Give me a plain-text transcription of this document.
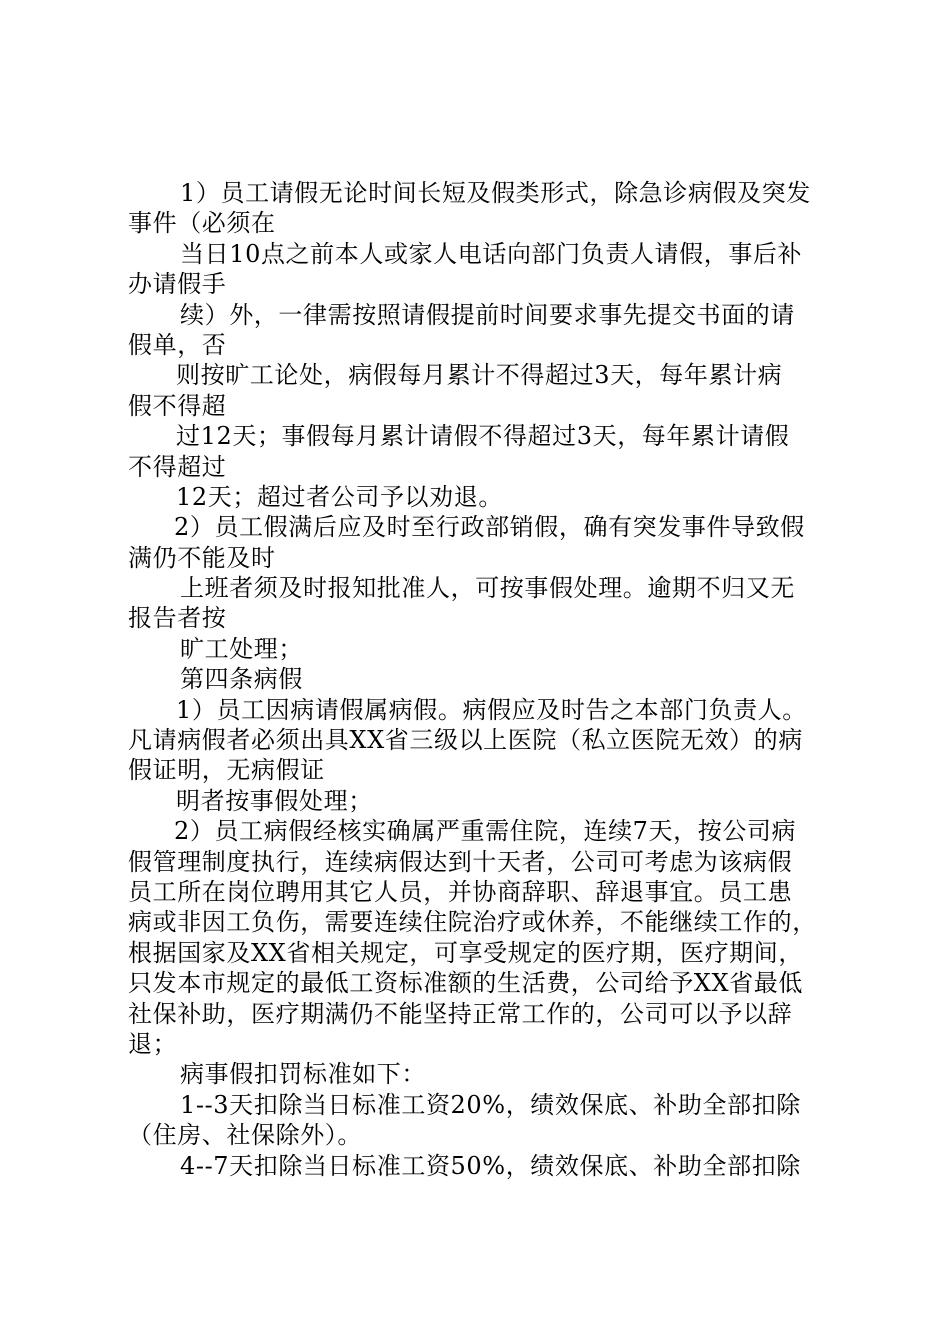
1）员工请假无论时间长短及假类形式，除急诊病假及突发
事件（必须在
当日10点之前本人或家人电话向部门负责人请假，事后补
办请假手
续）外，一律需按照请假提前时间要求事先提交书面的请
假单，否
则按旷工论处，病假每月累计不得超过3天，每年累计病
假不得超
过12天；事假每月累计请假不得超过3天，每年累计请假
不得超过
12天；超过者公司予以劝退。
2）员工假满后应及时至行政部销假，确有突发事件导致假
满仍不能及时
上班者须及时报知批准人，可按事假处理。逾期不归又无
报告者按
旷工处理；
第四条病假
1）员工因病请假属病假。病假应及时告之本部门负责人。
凡请病假者必须出具XX省三级以上医院（私立医院无效）的病
假证明，无病假证
明者按事假处理；
2）员工病假经核实确属严重需住院，连续7天，按公司病
假管理制度执行，连续病假达到十天者，公司可考虑为该病假
员工所在岗位聘用其它人员，并协商辞职、辞退事宜。员工患
病或非因工负伤，需要连续住院治疗或休养，不能继续工作的，
根据国家及XX省相关规定，可享受规定的医疗期，医疗期间，
只发本市规定的最低工资标准额的生活费，公司给予XX省最低
社保补助，医疗期满仍不能坚持正常工作的，公司可以予以辞
退；
病事假扣罚标准如下：
1--3天扣除当日标准工资20%，绩效保底、补助全部扣除
（住房、社保除外）。
4--7天扣除当日标准工资50%，绩效保底、补助全部扣除
